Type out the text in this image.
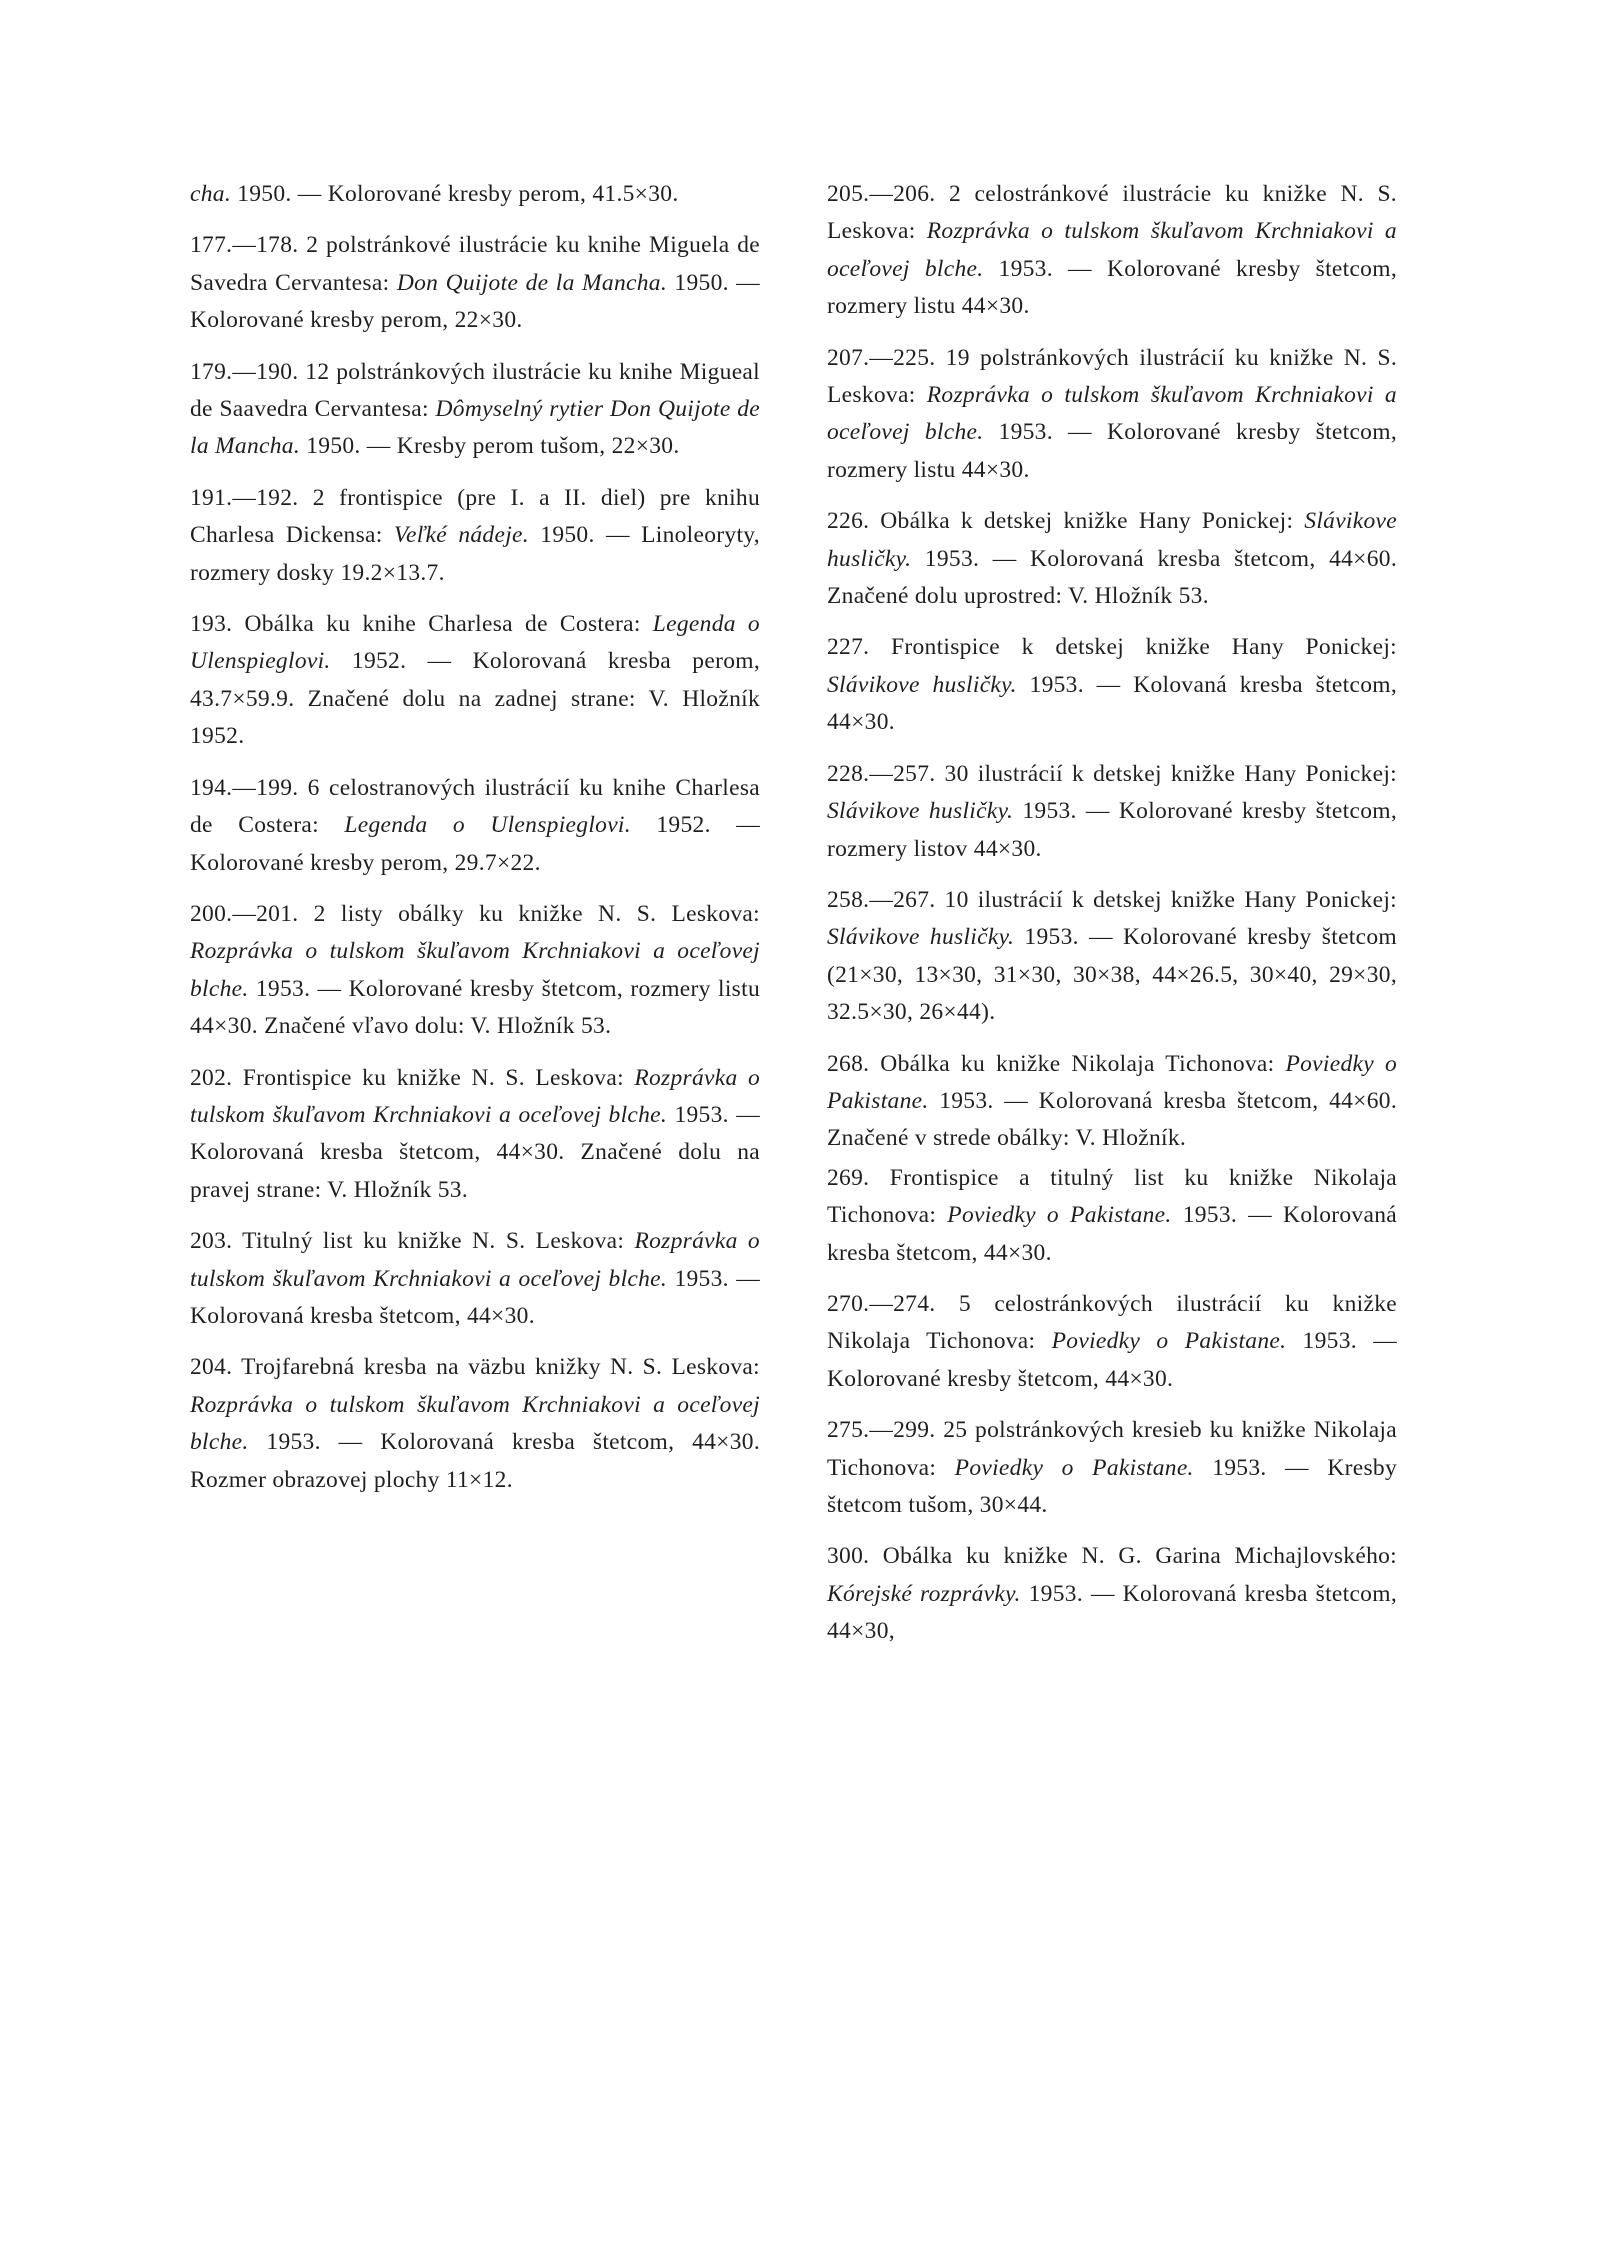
cha. 1950. — Kolorované kresby perom, 41.5×30.

177.—178. 2 polstránkové ilustrácie ku knihe Miguela de Savedra Cervantesa: Don Quijote de la Mancha. 1950. — Kolorované kresby perom, 22×30.

179.—190. 12 polstránkových ilustrácie ku knihe Migueal de Saavedra Cervantesa: Dômyselný rytier Don Quijote de la Mancha. 1950. — Kresby perom tušom, 22×30.

191.—192. 2 frontispice (pre I. a II. diel) pre knihu Charlesa Dickensa: Veľké nádeje. 1950. — Linoleoryty, rozmery dosky 19.2×13.7.

193. Obálka ku knihe Charlesa de Costera: Legenda o Ulenspieglovi. 1952. — Kolorovaná kresba perom, 43.7×59.9. Značené dolu na zadnej strane: V. Hložník 1952.

194.—199. 6 celostranových ilustrácií ku knihe Charlesa de Costera: Legenda o Ulenspieglovi. 1952. — Kolorované kresby perom, 29.7×22.

200.—201. 2 listy obálky ku knižke N. S. Leskova: Rozprávka o tulskom škuľavom Krchniakovi a oceľovej blche. 1953. — Kolorované kresby štetcom, rozmery listu 44×30. Značené vľavo dolu: V. Hložník 53.

202. Frontispice ku knižke N. S. Leskova: Rozprávka o tulskom škuľavom Krchniakovi a oceľovej blche. 1953. — Kolorovaná kresba štetcom, 44×30. Značené dolu na pravej strane: V. Hložník 53.

203. Titulný list ku knižke N. S. Leskova: Rozprávka o tulskom škuľavom Krchniakovi a oceľovej blche. 1953. — Kolorovaná kresba štetcom, 44×30.

204. Trojfarebná kresba na väzbu knižky N. S. Leskova: Rozprávka o tulskom škuľavom Krchniakovi a oceľovej blche. 1953. — Kolorovaná kresba štetcom, 44×30. Rozmer obrazovej plochy 11×12.

205.—206. 2 celostránkové ilustrácie ku knižke N. S. Leskova: Rozprávka o tulskom škuľavom Krchniakovi a oceľovej blche. 1953. — Kolorované kresby štetcom, rozmery listu 44×30.

207.—225. 19 polstránkových ilustrácií ku knižke N. S. Leskova: Rozprávka o tulskom škuľavom Krchniakovi a oceľovej blche. 1953. — Kolorované kresby štetcom, rozmery listu 44×30.

226. Obálka k detskej knižke Hany Ponickej: Slávikove husličky. 1953. — Kolorovaná kresba štetcom, 44×60. Značené dolu uprostred: V. Hložník 53.

227. Frontispice k detskej knižke Hany Ponickej: Slávikove husličky. 1953. — Kolovaná kresba štetcom, 44×30.

228.—257. 30 ilustrácií k detskej knižke Hany Ponickej: Slávikove husličky. 1953. — Kolorované kresby štetcom, rozmery listov 44×30.

258.—267. 10 ilustrácií k detskej knižke Hany Ponickej: Slávikove husličky. 1953. — Kolorované kresby štetcom (21×30, 13×30, 31×30, 30×38, 44×26.5, 30×40, 29×30, 32.5×30, 26×44).

268. Obálka ku knižke Nikolaja Tichonova: Poviedky o Pakistane. 1953. — Kolorovaná kresba štetcom, 44×60. Značené v strede obálky: V. Hložník.

269. Frontispice a titulný list ku knižke Nikolaja Tichonova: Poviedky o Pakistane. 1953. — Kolorovaná kresba štetcom, 44×30.

270.—274. 5 celostránkových ilustrácií ku knižke Nikolaja Tichonova: Poviedky o Pakistane. 1953. — Kolorované kresby štetcom, 44×30.

275.—299. 25 polstránkových kresieb ku knižke Nikolaja Tichonova: Poviedky o Pakistane. 1953. — Kresby štetcom tušom, 30×44.

300. Obálka ku knižke N. G. Garina Michajlovského: Kórejské rozprávky. 1953. — Kolorovaná kresba štetcom, 44×30,
